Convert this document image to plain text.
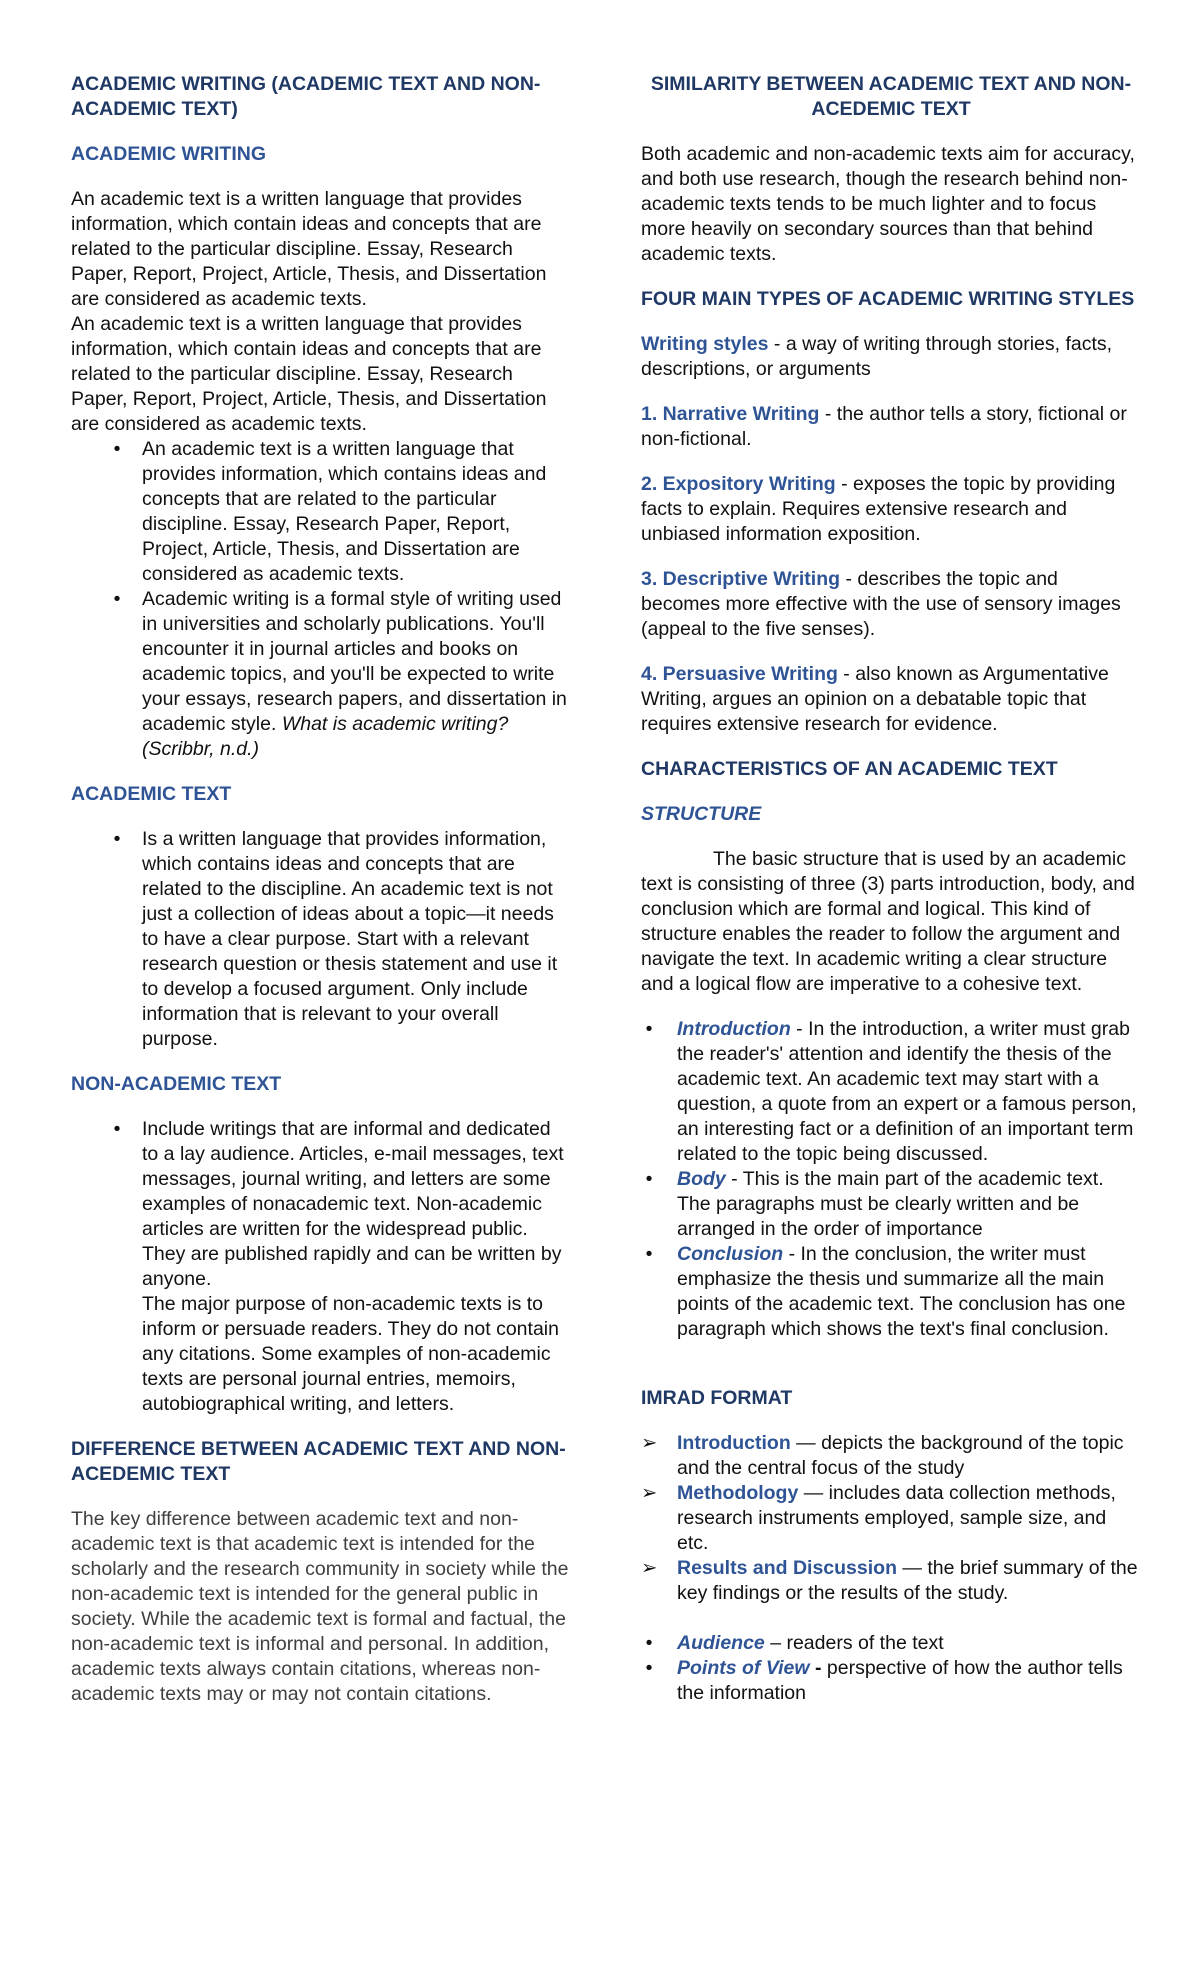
ACADEMIC WRITING (ACADEMIC TEXT AND NON-ACADEMIC TEXT)
ACADEMIC WRITING

An academic text is a written language that provides information, which contain ideas and concepts that are related to the particular discipline. Essay, Research Paper, Report, Project, Article, Thesis, and Dissertation are considered as academic texts.

An academic text is a written language that provides information, which contain ideas and concepts that are related to the particular discipline. Essay, Research Paper, Report, Project, Article, Thesis, and Dissertation are considered as academic texts.

•	An academic text is a written language that provides information, which contains ideas and concepts that are related to the particular discipline. Essay, Research Paper, Report, Project, Article, Thesis, and Dissertation are considered as academic texts.
•	Academic writing is a formal style of writing used in universities and scholarly publications. You'll encounter it in journal articles and books on academic topics, and you'll be expected to write your essays, research papers, and dissertation in academic style. What is academic writing? (Scribbr, n.d.)
ACADEMIC TEXT
•	Is a written language that provides information, which contains ideas and concepts that are related to the discipline. An academic text is not just a collection of ideas about a topic—it needs to have a clear purpose. Start with a relevant research question or thesis statement and use it to develop a focused argument. Only include information that is relevant to your overall purpose.
NON-ACADEMIC TEXT
•	Include writings that are informal and dedicated to a lay audience. Articles, e-mail messages, text messages, journal writing, and letters are some examples of nonacademic text. Non-academic articles are written for the widespread public. They are published rapidly and can be written by anyone.
The major purpose of non-academic texts is to inform or persuade readers. They do not contain any citations. Some examples of non-academic texts are personal journal entries, memoirs, autobiographical writing, and letters.
DIFFERENCE BETWEEN ACADEMIC TEXT AND NON-ACEDEMIC TEXT

The key difference between academic text and non-academic text is that academic text is intended for the scholarly and the research community in society while the non-academic text is intended for the general public in society. While the academic text is formal and factual, the non-academic text is informal and personal. In addition, academic texts always contain citations, whereas non-academic texts may or may not contain citations.

SIMILARITY BETWEEN ACADEMIC TEXT AND NON-ACEDEMIC TEXT

Both academic and non-academic texts aim for accuracy, and both use research, though the research behind non-academic texts tends to be much lighter and to focus more heavily on secondary sources than that behind academic texts.

FOUR MAIN TYPES OF ACADEMIC WRITING STYLES

Writing styles - a way of writing through stories, facts, descriptions, or arguments

1. Narrative Writing - the author tells a story, fictional or non-fictional.

2. Expository Writing - exposes the topic by providing facts to explain. Requires extensive research and unbiased information exposition.

3. Descriptive Writing - describes the topic and becomes more effective with the use of sensory images (appeal to the five senses).

4. Persuasive Writing - also known as Argumentative Writing, argues an opinion on a debatable topic that requires extensive research for evidence.

CHARACTERISTICS OF AN ACADEMIC TEXT
STRUCTURE

The basic structure that is used by an academic text is consisting of three (3) parts introduction, body, and conclusion which are formal and logical. This kind of structure enables the reader to follow the argument and navigate the text. In academic writing a clear structure and a logical flow are imperative to a cohesive text.

• Introduction - In the introduction, a writer must grab the reader's' attention and identify the thesis of the academic text. An academic text may start with a question, a quote from an expert or a famous person, an interesting fact or a definition of an important term related to the topic being discussed.
• Body - This is the main part of the academic text. The paragraphs must be clearly written and be arranged in the order of importance
• Conclusion - In the conclusion, the writer must emphasize the thesis und summarize all the main points of the academic text. The conclusion has one paragraph which shows the text's final conclusion.
IMRAD FORMAT
➢ Introduction — depicts the background of the topic and the central focus of the study
➢ Methodology — includes data collection methods, research instruments employed, sample size, and etc.
➢ Results and Discussion — the brief summary of the key findings or the results of the study.
• Audience – readers of the text
• Points of View - perspective of how the author tells the information
